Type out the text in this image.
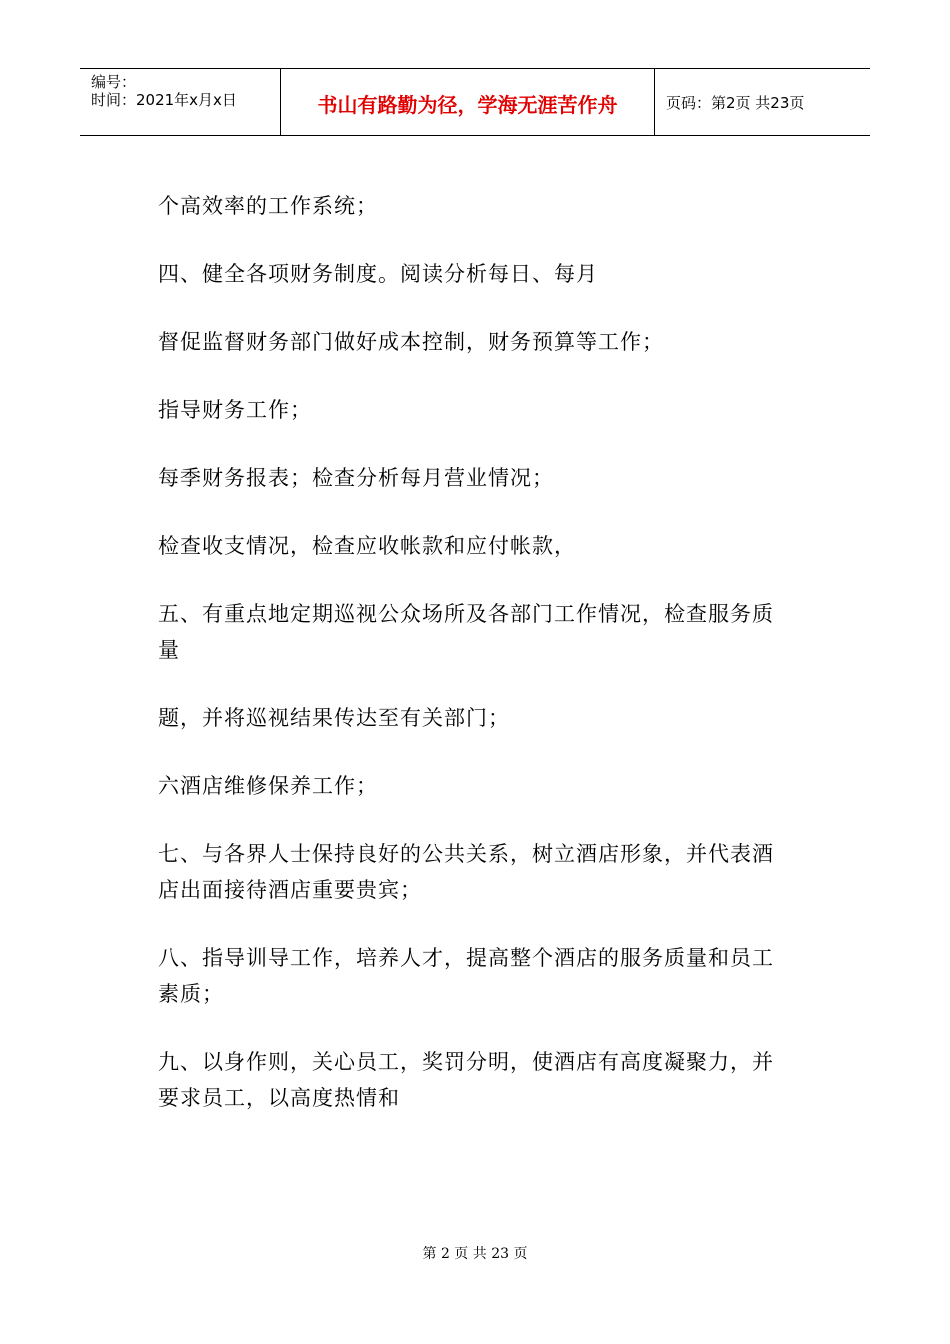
编号：
时间：2021年x月x日	书山有路勤为径，学海无涯苦作舟	页码：第2页 共23页
个高效率的工作系统；
四、健全各项财务制度。阅读分析每日、每月
督促监督财务部门做好成本控制，财务预算等工作；
指导财务工作；
每季财务报表；检查分析每月营业情况；
检查收支情况，检查应收帐款和应付帐款，
五、有重点地定期巡视公众场所及各部门工作情况，检查服务质
量
题，并将巡视结果传达至有关部门；
六酒店维修保养工作；
七、与各界人士保持良好的公共关系，树立酒店形象，并代表酒
店出面接待酒店重要贵宾；
八、指导训导工作，培养人才，提高整个酒店的服务质量和员工
素质；
九、以身作则，关心员工，奖罚分明，使酒店有高度凝聚力，并
要求员工，以高度热情和
第 2 页 共 23 页
